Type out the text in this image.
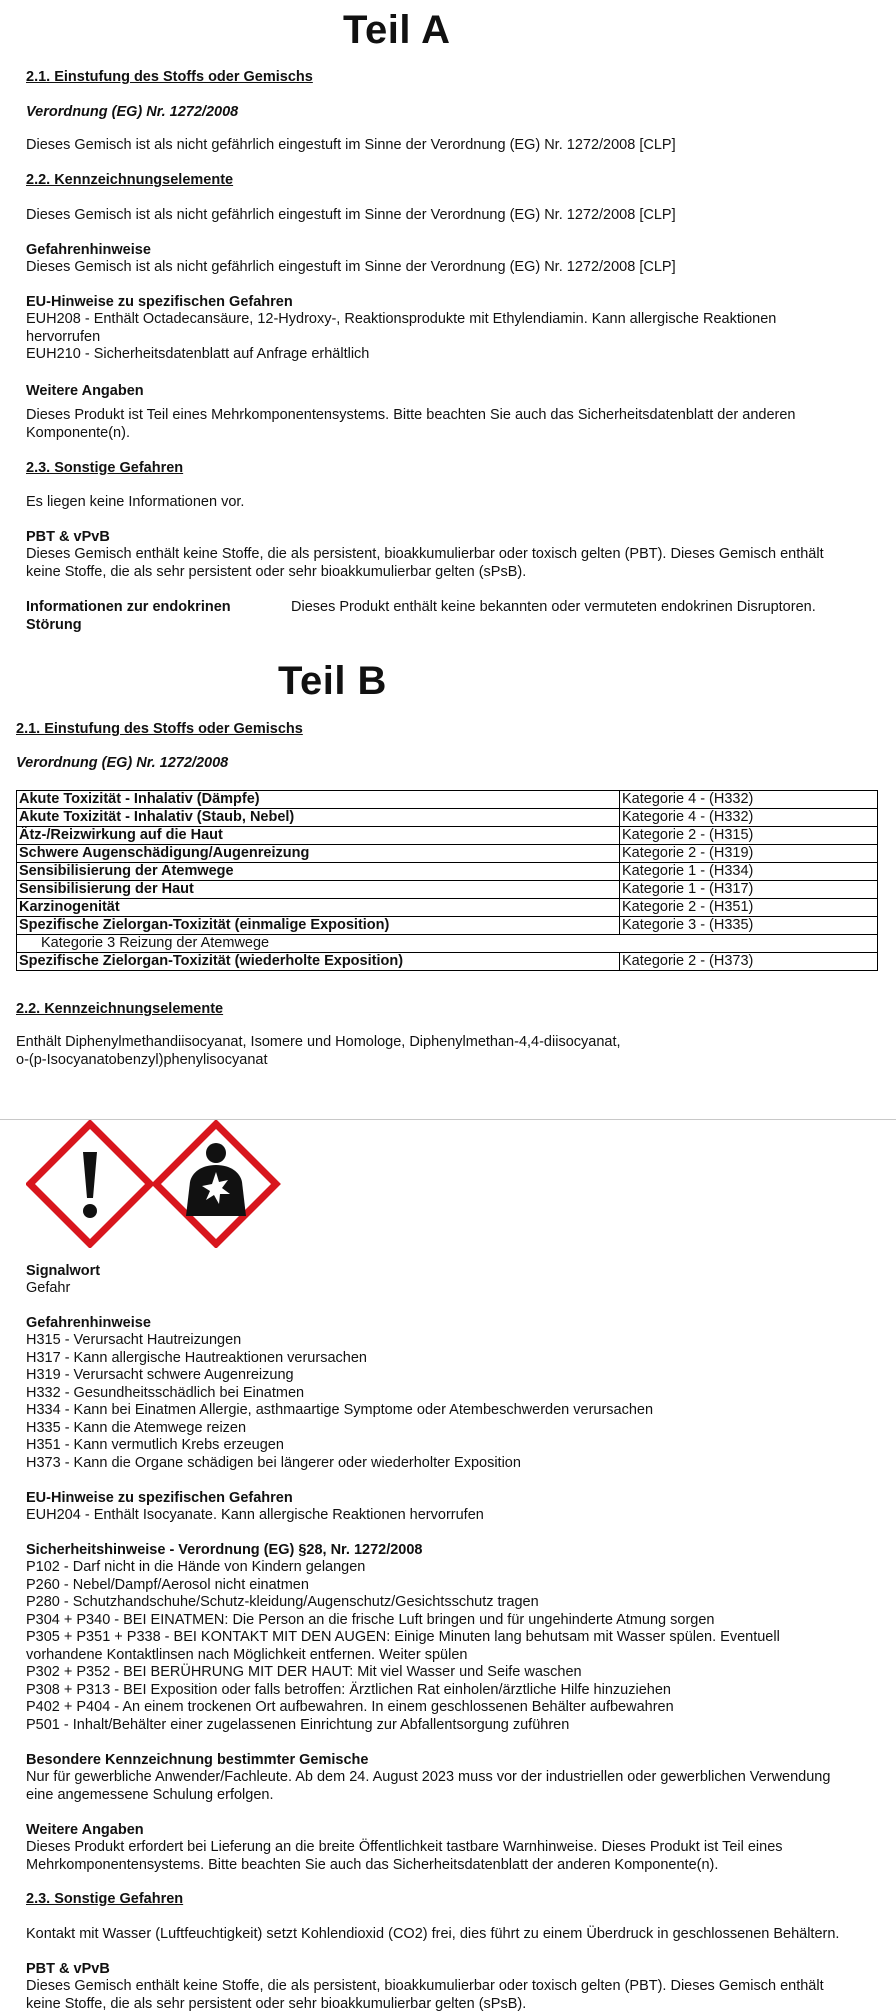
Teil A
2.1. Einstufung des Stoffs oder Gemischs
Verordnung (EG) Nr. 1272/2008
Dieses Gemisch ist als nicht gefährlich eingestuft im Sinne der Verordnung (EG) Nr. 1272/2008 [CLP]
2.2. Kennzeichnungselemente
Dieses Gemisch ist als nicht gefährlich eingestuft im Sinne der Verordnung (EG) Nr. 1272/2008 [CLP]
Gefahrenhinweise
Dieses Gemisch ist als nicht gefährlich eingestuft im Sinne der Verordnung (EG) Nr. 1272/2008 [CLP]
EU-Hinweise zu spezifischen Gefahren
EUH208 - Enthält Octadecansäure, 12-Hydroxy-, Reaktionsprodukte mit Ethylendiamin. Kann allergische Reaktionen
hervorrufen
EUH210 - Sicherheitsdatenblatt auf Anfrage erhältlich
Weitere Angaben
Dieses Produkt ist Teil eines Mehrkomponentensystems. Bitte beachten Sie auch das Sicherheitsdatenblatt der anderen
Komponente(n).
2.3. Sonstige Gefahren
Es liegen keine Informationen vor.
PBT & vPvB
Dieses Gemisch enthält keine Stoffe, die als persistent, bioakkumulierbar oder toxisch gelten (PBT). Dieses Gemisch enthält
keine Stoffe, die als sehr persistent oder sehr bioakkumulierbar gelten (sPsB).
Informationen zur endokrinen
Störung
Dieses Produkt enthält keine bekannten oder vermuteten endokrinen Disruptoren.
Teil B
2.1. Einstufung des Stoffs oder Gemischs
Verordnung (EG) Nr. 1272/2008
Akute Toxizität - Inhalativ (Dämpfe)	Kategorie 4 - (H332)
Akute Toxizität - Inhalativ (Staub, Nebel)	Kategorie 4 - (H332)
Ätz-/Reizwirkung auf die Haut	Kategorie 2 - (H315)
Schwere Augenschädigung/Augenreizung	Kategorie 2 - (H319)
Sensibilisierung der Atemwege	Kategorie 1 - (H334)
Sensibilisierung der Haut	Kategorie 1 - (H317)
Karzinogenität	Kategorie 2 - (H351)
Spezifische Zielorgan-Toxizität (einmalige Exposition)	Kategorie 3 - (H335)
Kategorie 3 Reizung der Atemwege	
Spezifische Zielorgan-Toxizität (wiederholte Exposition)	Kategorie 2 - (H373)
2.2. Kennzeichnungselemente
Enthält Diphenylmethandiisocyanat, Isomere und Homologe, Diphenylmethan-4,4-diisocyanat,
o-(p-Isocyanatobenzyl)phenylisocyanat
Signalwort
Gefahr
Gefahrenhinweise
H315 - Verursacht Hautreizungen
H317 - Kann allergische Hautreaktionen verursachen
H319 - Verursacht schwere Augenreizung
H332 - Gesundheitsschädlich bei Einatmen
H334 - Kann bei Einatmen Allergie, asthmaartige Symptome oder Atembeschwerden verursachen
H335 - Kann die Atemwege reizen
H351 - Kann vermutlich Krebs erzeugen
H373 - Kann die Organe schädigen bei längerer oder wiederholter Exposition
EU-Hinweise zu spezifischen Gefahren
EUH204 - Enthält Isocyanate. Kann allergische Reaktionen hervorrufen
Sicherheitshinweise - Verordnung (EG) §28, Nr. 1272/2008
P102 - Darf nicht in die Hände von Kindern gelangen
P260 - Nebel/Dampf/Aerosol nicht einatmen
P280 - Schutzhandschuhe/Schutz-kleidung/Augenschutz/Gesichtsschutz tragen
P304 + P340 - BEI EINATMEN: Die Person an die frische Luft bringen und für ungehinderte Atmung sorgen
P305 + P351 + P338 - BEI KONTAKT MIT DEN AUGEN: Einige Minuten lang behutsam mit Wasser spülen. Eventuell
vorhandene Kontaktlinsen nach Möglichkeit entfernen. Weiter spülen
P302 + P352 - BEI BERÜHRUNG MIT DER HAUT: Mit viel Wasser und Seife waschen
P308 + P313 - BEI Exposition oder falls betroffen: Ärztlichen Rat einholen/ärztliche Hilfe hinzuziehen
P402 + P404 - An einem trockenen Ort aufbewahren. In einem geschlossenen Behälter aufbewahren
P501 - Inhalt/Behälter einer zugelassenen Einrichtung zur Abfallentsorgung zuführen
Besondere Kennzeichnung bestimmter Gemische
Nur für gewerbliche Anwender/Fachleute. Ab dem 24. August 2023 muss vor der industriellen oder gewerblichen Verwendung
eine angemessene Schulung erfolgen.
Weitere Angaben
Dieses Produkt erfordert bei Lieferung an die breite Öffentlichkeit tastbare Warnhinweise. Dieses Produkt ist Teil eines
Mehrkomponentensystems. Bitte beachten Sie auch das Sicherheitsdatenblatt der anderen Komponente(n).
2.3. Sonstige Gefahren
Kontakt mit Wasser (Luftfeuchtigkeit) setzt Kohlendioxid (CO2) frei, dies führt zu einem Überdruck in geschlossenen Behältern.
PBT & vPvB
Dieses Gemisch enthält keine Stoffe, die als persistent, bioakkumulierbar oder toxisch gelten (PBT). Dieses Gemisch enthält
keine Stoffe, die als sehr persistent oder sehr bioakkumulierbar gelten (sPsB).
